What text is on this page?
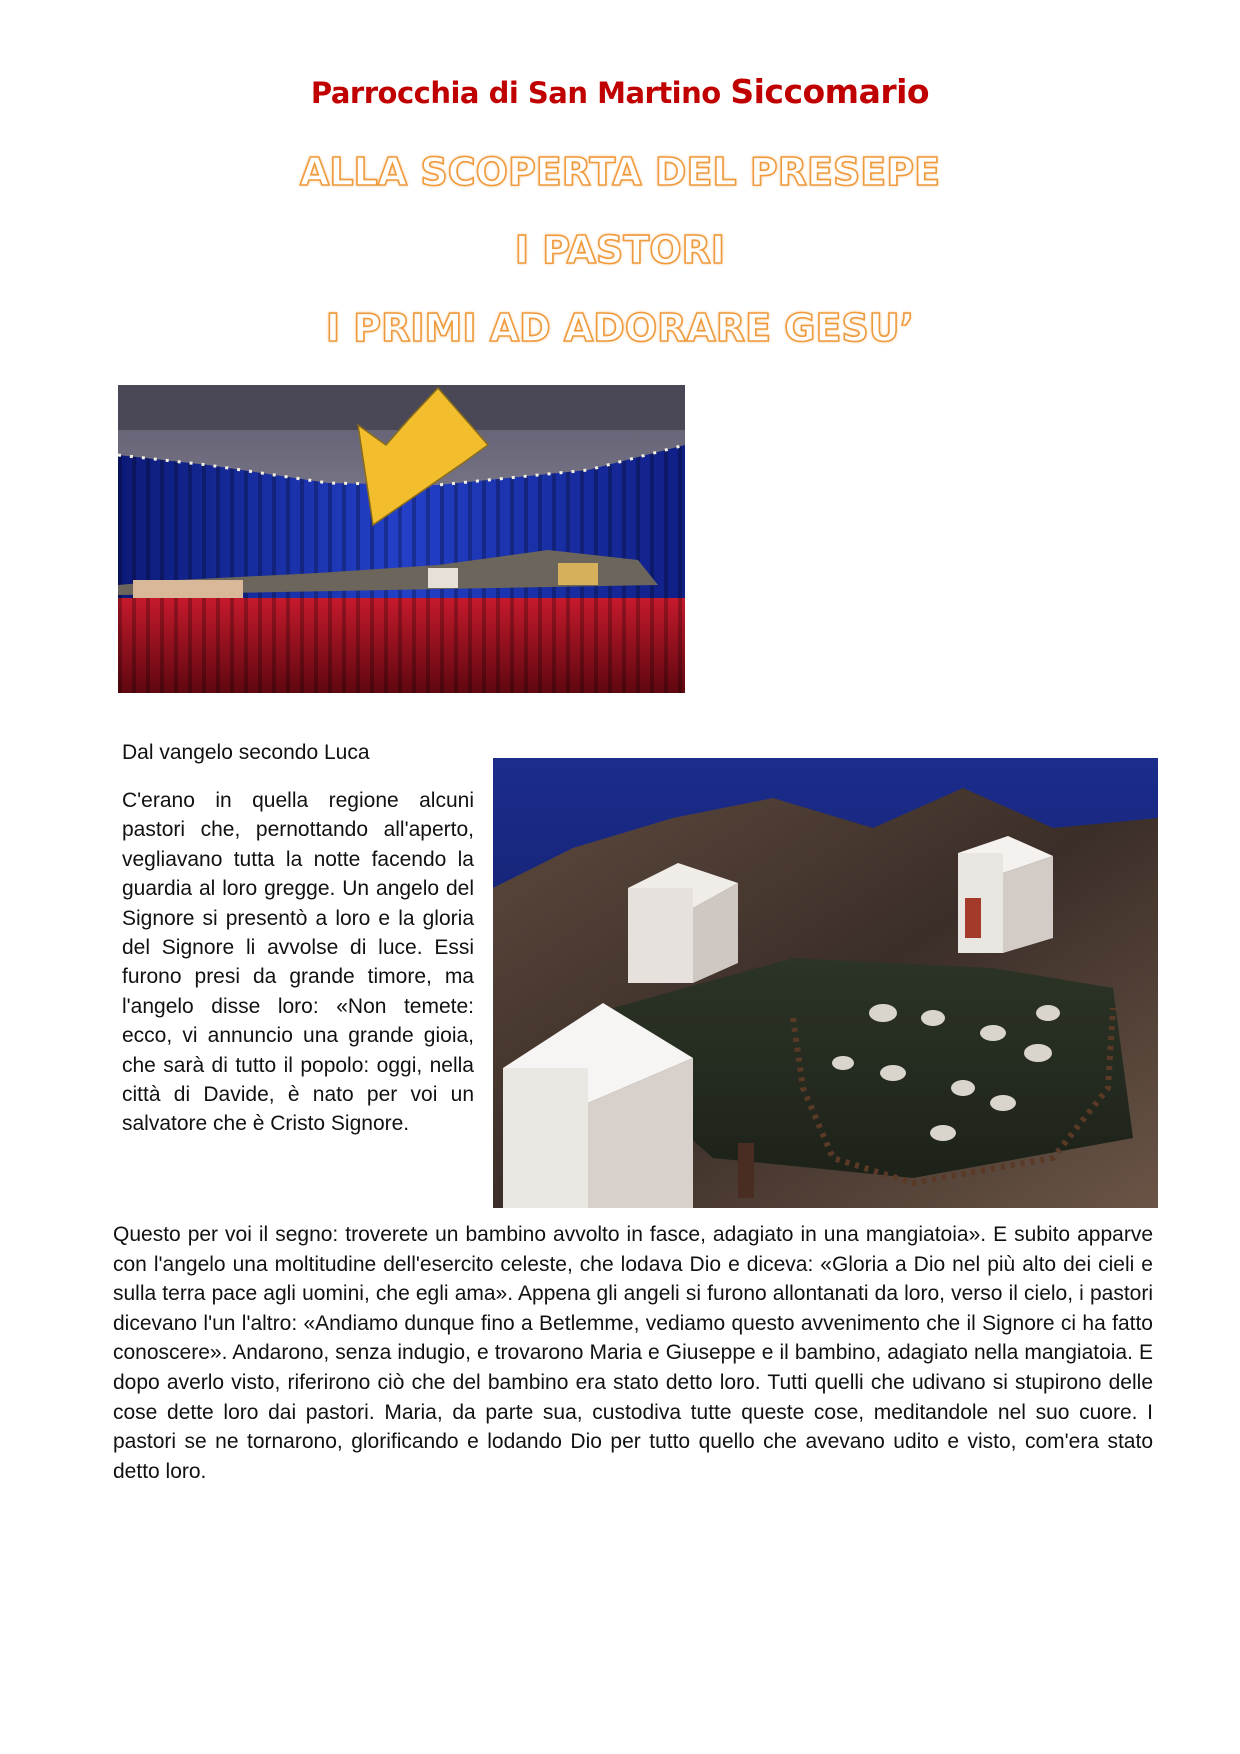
Parrocchia di San Martino Siccomario
ALLA SCOPERTA DEL PRESEPE
I PASTORI
I PRIMI AD ADORARE GESU’
Dal vangelo secondo Luca

C'erano in quella regione alcuni pastori che, pernottando all'aperto, vegliavano tutta la notte facendo la guardia al loro gregge. Un angelo del Signore si presentò a loro e la gloria del Signore li avvolse di luce. Essi furono presi da grande timore, ma l'angelo disse loro: «Non temete: ecco, vi annuncio una grande gioia, che sarà di tutto il popolo: oggi, nella città di Davide, è nato per voi un salvatore che è Cristo Signore.

Questo per voi il segno: troverete un bambino avvolto in fasce, adagiato in una mangiatoia». E subito apparve con l'angelo una moltitudine dell'esercito celeste, che lodava Dio e diceva: «Gloria a Dio nel più alto dei cieli e sulla terra pace agli uomini, che egli ama». Appena gli angeli si furono allontanati da loro, verso il cielo, i pastori dicevano l'un l'altro: «Andiamo dunque fino a Betlemme, vediamo questo avvenimento che il Signore ci ha fatto conoscere». Andarono, senza indugio, e trovarono Maria e Giuseppe e il bambino, adagiato nella mangiatoia. E dopo averlo visto, riferirono ciò che del bambino era stato detto loro. Tutti quelli che udivano si stupirono delle cose dette loro dai pastori. Maria, da parte sua, custodiva tutte queste cose, meditandole nel suo cuore. I pastori se ne tornarono, glorificando e lodando Dio per tutto quello che avevano udito e visto, com'era stato detto loro.
